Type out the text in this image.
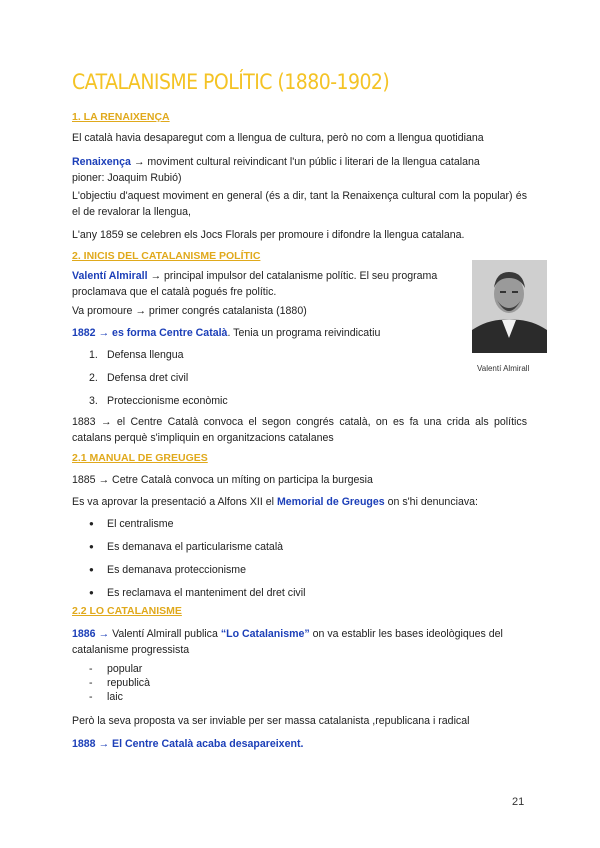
CATALANISME POLÍTIC (1880-1902)
1. LA RENAIXENÇA
El català havia desaparegut com a llengua de cultura, però no com a llengua quotidiana
Renaixença → moviment cultural reivindicant l'un públic i literari de la llengua catalana
pioner: Joaquim Rubió)
L'objectiu d'aquest moviment en general (és a dir, tant la Renaixença cultural com la popular) és el de revalorar la llengua,
L'any 1859 se celebren els Jocs Florals per promoure i difondre la llengua catalana.
2. INICIS DEL CATALANISME POLÍTIC
Valentí Almirall → principal impulsor del catalanisme polític. El seu programa
proclamava que el català pogués fre polític.
Va promoure → primer congrés catalanista (1880)
1882 → es forma Centre Català. Tenia un programa reivindicatiu
1. Defensa llengua
2. Defensa dret civil
3. Proteccionisme econòmic
Valentí Almirall
1883 → el Centre Català convoca el segon congrés català, on es fa una crida als polítics catalans perquè s'impliquin en organitzacions catalanes
2.1 MANUAL DE GREUGES
1885 → Cetre Català convoca un míting on participa la burgesia
Es va aprovar la presentació a Alfons XII el Memorial de Greuges on s'hi denunciava:
● El centralisme
● Es demanava el particularisme català
● Es demanava proteccionisme
● Es reclamava el manteniment del dret civil
2.2 LO CATALANISME
1886 → Valentí Almirall publica “Lo Catalanisme” on va establir les bases ideològiques del
catalanisme progressista
- popular
- republicà
- laic
Però la seva proposta va ser inviable per ser massa catalanista ,republicana i radical
1888 → El Centre Català acaba desapareixent.
21
